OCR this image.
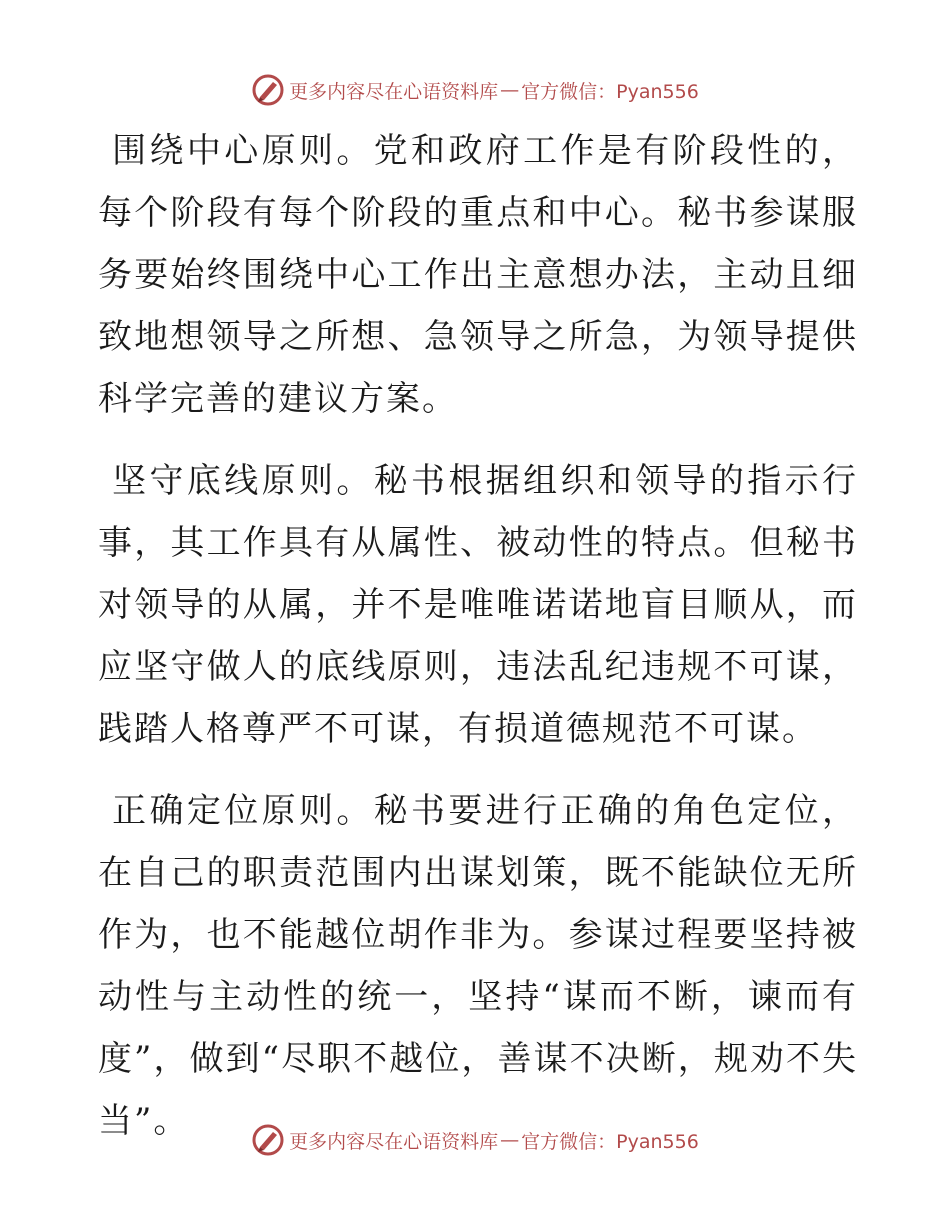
更多内容尽在心语资料库 — 官方微信：Pyan556

围绕中心原则。党和政府工作是有阶段性的，每个阶段有每个阶段的重点和中心。秘书参谋服务要始终围绕中心工作出主意想办法，主动且细致地想领导之所想、急领导之所急，为领导提供科学完善的建议方案。

坚守底线原则。秘书根据组织和领导的指示行事，其工作具有从属性、被动性的特点。但秘书对领导的从属，并不是唯唯诺诺地盲目顺从，而应坚守做人的底线原则，违法乱纪违规不可谋，践踏人格尊严不可谋，有损道德规范不可谋。

正确定位原则。秘书要进行正确的角色定位，在自己的职责范围内出谋划策，既不能缺位无所作为，也不能越位胡作非为。参谋过程要坚持被动性与主动性的统一，坚持“谋而不断，谏而有度”，做到“尽职不越位，善谋不决断，规劝不失当”。

更多内容尽在心语资料库 — 官方微信：Pyan556
